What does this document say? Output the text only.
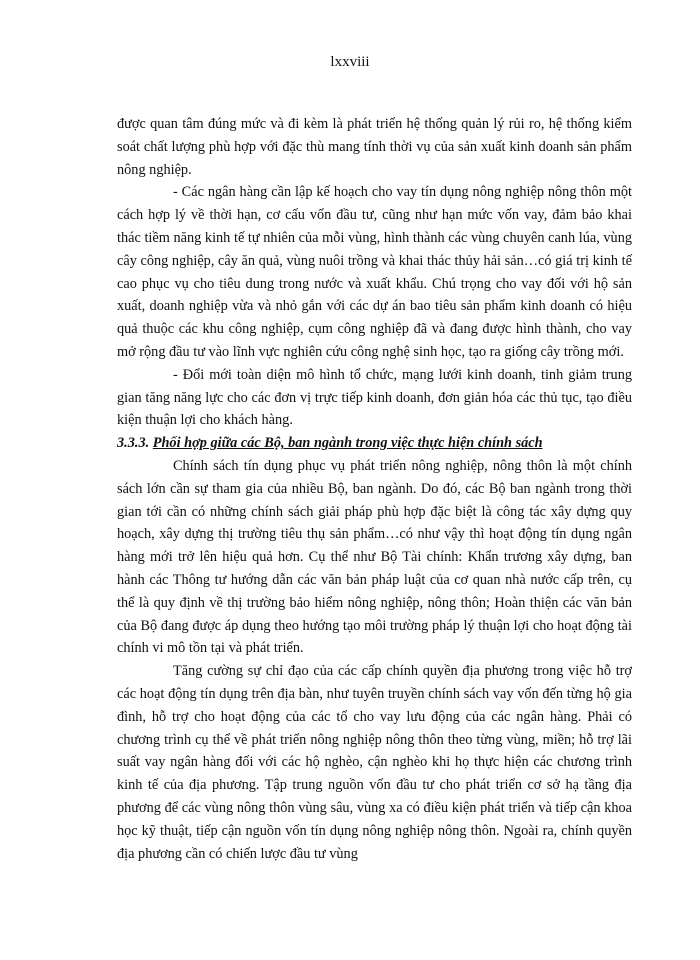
lxxviii

được quan tâm đúng mức và đi kèm là phát triển hệ thống quản lý rủi ro, hệ thống kiểm soát chất lượng phù hợp với đặc thù mang tính thời vụ của sản xuất kinh doanh sản phẩm nông nghiệp.

- Các ngân hàng cần lập kế hoạch cho vay tín dụng nông nghiệp nông thôn một cách hợp lý về thời hạn, cơ cấu vốn đầu tư, cũng như hạn mức vốn vay, đảm bảo khai thác tiềm năng kinh tế tự nhiên của mỗi vùng, hình thành các vùng chuyên canh lúa, vùng cây công nghiệp, cây ăn quả, vùng nuôi trồng và khai thác thủy hải sản…có giá trị kinh tế cao phục vụ cho tiêu dung trong nước và xuất khẩu. Chú trọng cho vay đối với hộ sản xuất, doanh nghiệp vừa và nhỏ gắn với các dự án bao tiêu sản phẩm kinh doanh có hiệu quả thuộc các khu công nghiệp, cụm công nghiệp đã và đang được hình thành, cho vay mở rộng đầu tư vào lĩnh vực nghiên cứu công nghệ sinh học, tạo ra giống cây trồng mới.

- Đổi mới toàn diện mô hình tổ chức, mạng lưới kinh doanh, tinh giảm trung gian tăng năng lực cho các đơn vị trực tiếp kinh doanh, đơn giản hóa các thủ tục, tạo điều kiện thuận lợi cho khách hàng.

3.3.3. Phối hợp giữa các Bộ, ban ngành trong việc thực hiện chính sách

Chính sách tín dụng phục vụ phát triển nông nghiệp, nông thôn là một chính sách lớn cần sự tham gia của nhiều Bộ, ban ngành. Do đó, các Bộ ban ngành trong thời gian tới cần có những chính sách giải pháp phù hợp đặc biệt là công tác xây dựng quy hoạch, xây dựng thị trường tiêu thụ sản phẩm…có như vậy thì hoạt động tín dụng ngân hàng mới trở lên hiệu quả hơn. Cụ thể như Bộ Tài chính: Khẩn trương xây dựng, ban hành các Thông tư hướng dẫn các văn bản pháp luật của cơ quan nhà nước cấp trên, cụ thể là quy định về thị trường bảo hiểm nông nghiệp, nông thôn; Hoàn thiện các văn bản của Bộ đang được áp dụng theo hướng tạo môi trường pháp lý thuận lợi cho hoạt động tài chính vi mô tồn tại và phát triển.

Tăng cường sự chỉ đạo của các cấp chính quyền địa phương trong việc hỗ trợ các hoạt động tín dụng trên địa bàn, như tuyên truyền chính sách vay vốn đến từng hộ gia đình, hỗ trợ cho hoạt động của các tổ cho vay lưu động của các ngân hàng. Phải có chương trình cụ thể về phát triển nông nghiệp nông thôn theo từng vùng, miền; hỗ trợ lãi suất vay ngân hàng đối với các hộ nghèo, cận nghèo khi họ thực hiện các chương trình kinh tế của địa phương. Tập trung nguồn vốn đầu tư cho phát triển cơ sở hạ tầng địa phương để các vùng nông thôn vùng sâu, vùng xa có điều kiện phát triển và tiếp cận khoa học kỹ thuật, tiếp cận nguồn vốn tín dụng nông nghiệp nông thôn. Ngoài ra, chính quyền địa phương cần có chiến lược đầu tư vùng
